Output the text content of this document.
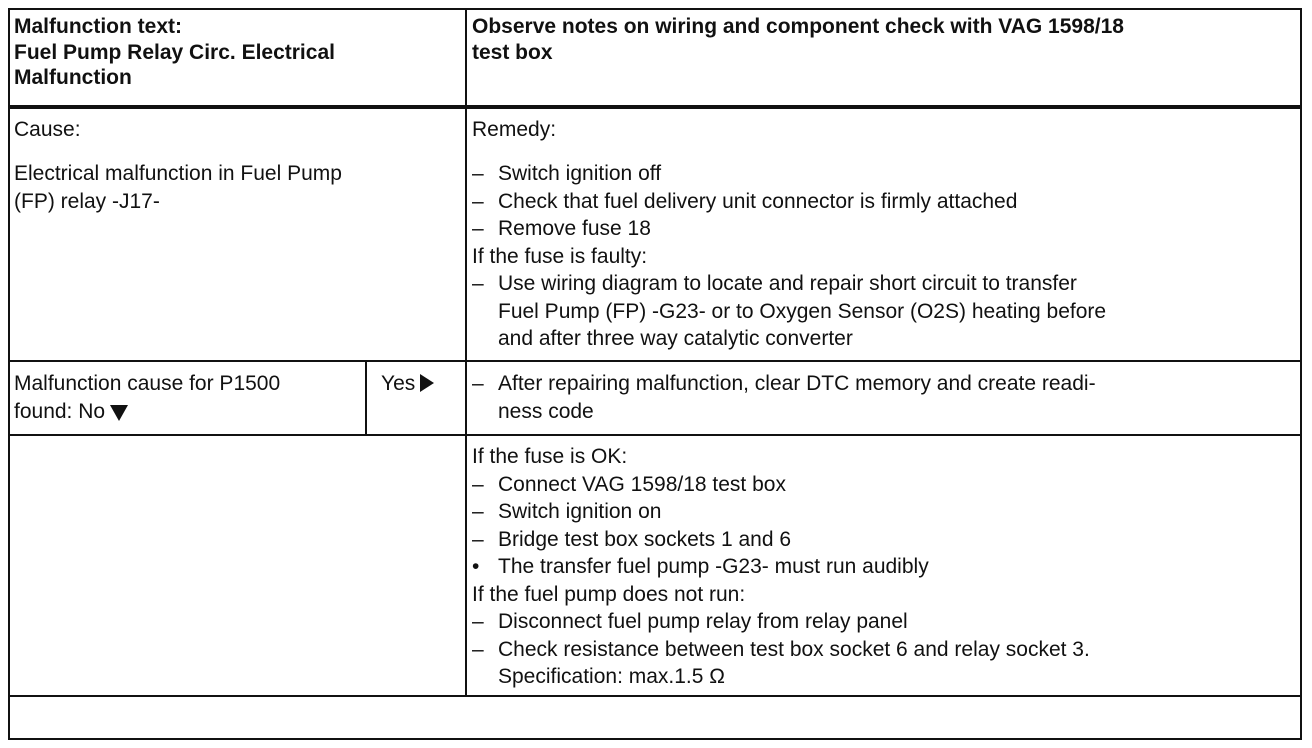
Malfunction text:
Fuel Pump Relay Circ. Electrical
Malfunction
Observe notes on wiring and component check with VAG 1598/18
test box
Cause:
Electrical malfunction in Fuel Pump
(FP) relay -J17-
Remedy:
– Switch ignition off
– Check that fuel delivery unit connector is firmly attached
– Remove fuse 18
If the fuse is faulty:
– Use wiring diagram to locate and repair short circuit to transfer
Fuel Pump (FP) -G23- or to Oxygen Sensor (O2S) heating before
and after three way catalytic converter
Malfunction cause for P1500
found: No
Yes	– After repairing malfunction, clear DTC memory and create readi-
ness code
If the fuse is OK:
– Connect VAG 1598/18 test box
– Switch ignition on
– Bridge test box sockets 1 and 6
• The transfer fuel pump -G23- must run audibly
If the fuel pump does not run:
– Disconnect fuel pump relay from relay panel
– Check resistance between test box socket 6 and relay socket 3.
Specification: max.1.5 Ω
